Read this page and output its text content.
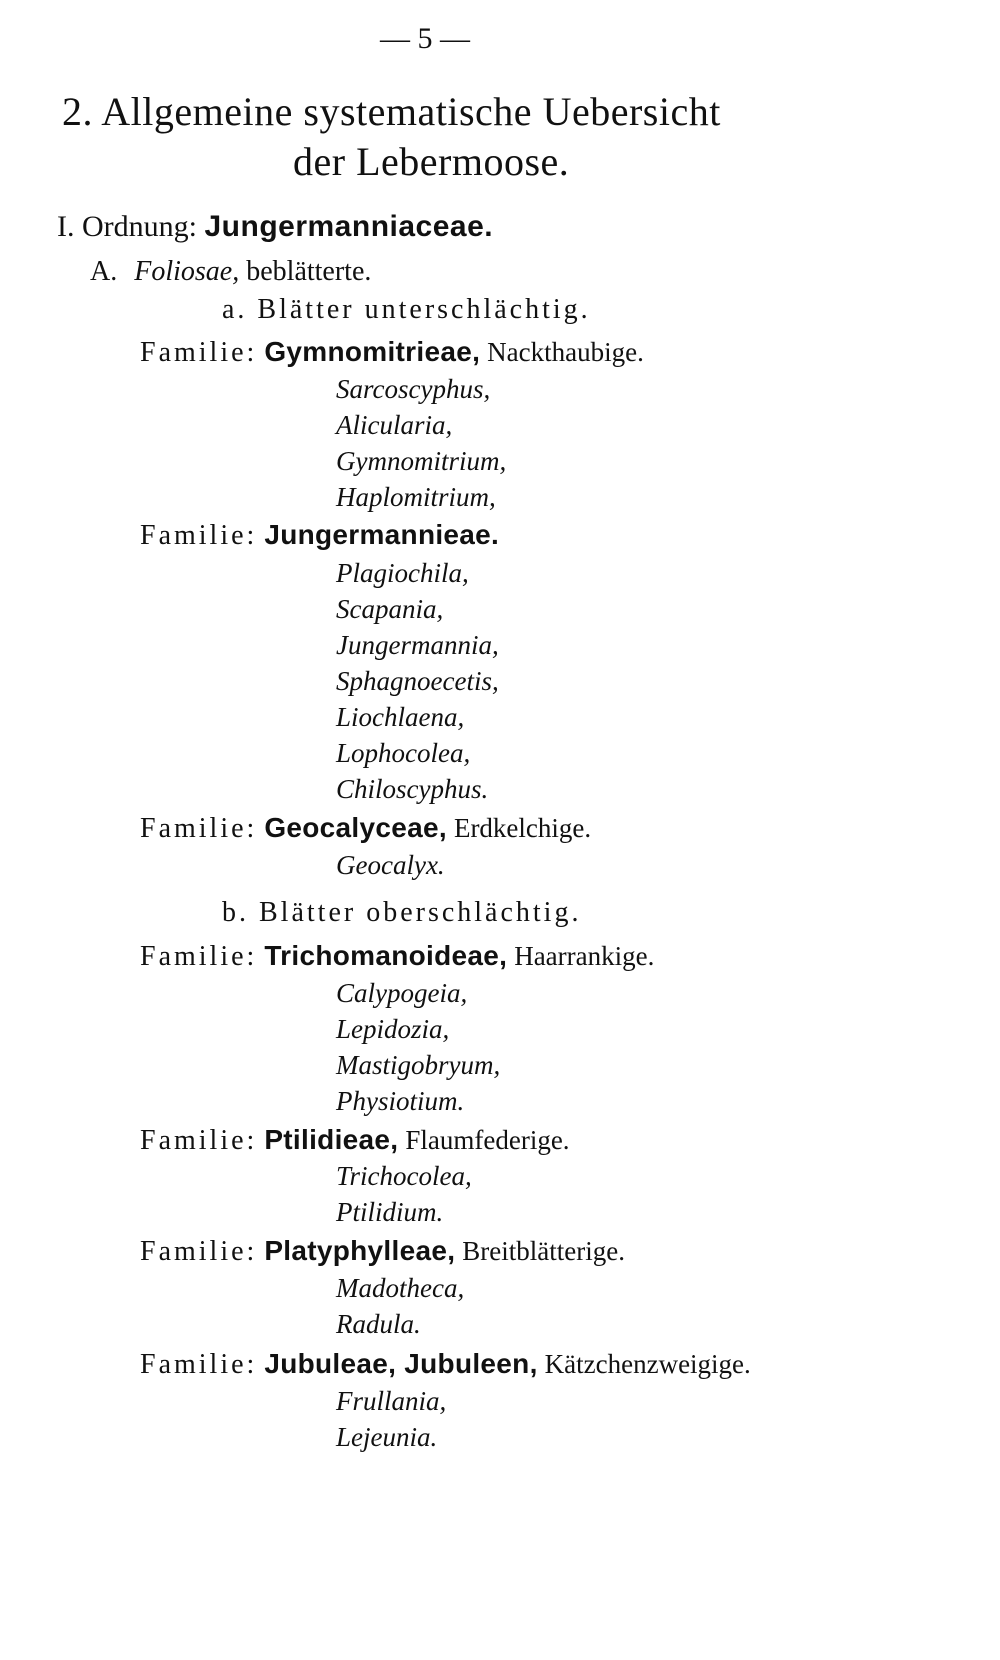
— 5 —
2. Allgemeine systematische Uebersicht
der Lebermoose.
I. Ordnung: Jungermanniaceae.
A. Foliosae, beblätterte.
a. Blätter unterschlächtig.
Familie: Gymnomitrieae, Nackthaubige.
Sarcoscyphus,
Alicularia,
Gymnomitrium,
Haplomitrium,
Familie: Jungermannieae.
Plagiochila,
Scapania,
Jungermannia,
Sphagnoecetis,
Liochlaena,
Lophocolea,
Chiloscyphus.
Familie: Geocalyceae, Erdkelchige.
Geocalyx.
b. Blätter oberschlächtig.
Familie: Trichomanoideae, Haarrankige.
Calypogeia,
Lepidozia,
Mastigobryum,
Physiotium.
Familie: Ptilidieae, Flaumfederige.
Trichocolea,
Ptilidium.
Familie: Platyphylleae, Breitblätterige.
Madotheca,
Radula.
Familie: Jubuleae, Jubuleen, Kätzchenzweigige.
Frullania,
Lejeunia.
